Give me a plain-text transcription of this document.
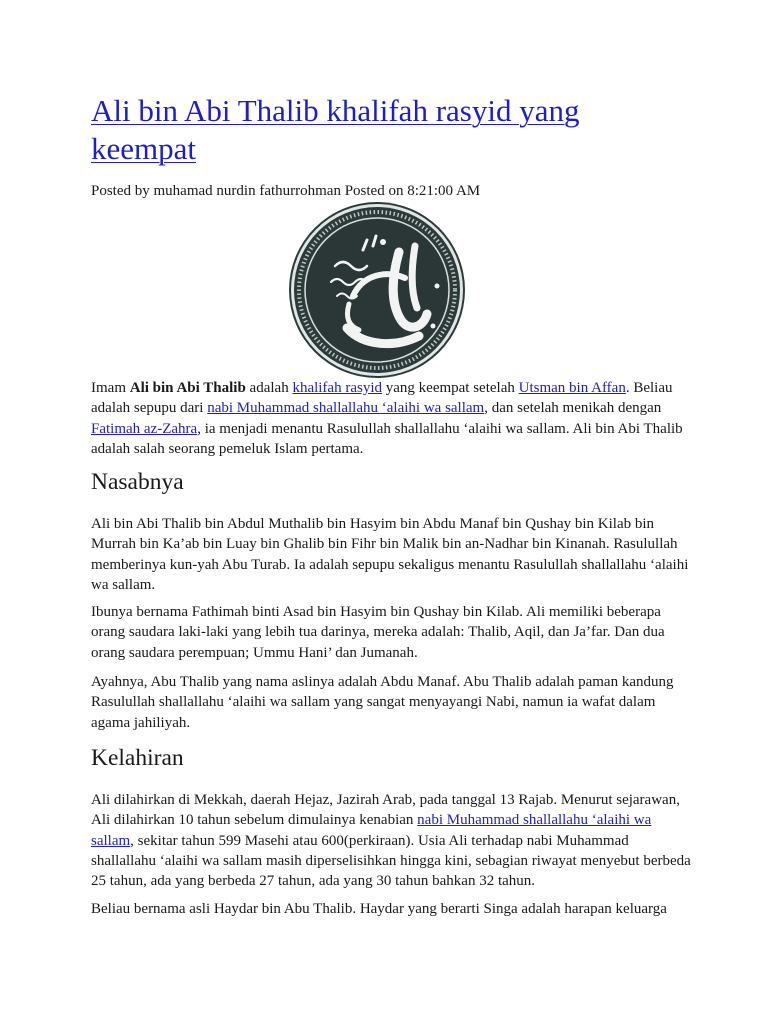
Ali bin Abi Thalib khalifah rasyid yang keempat

Posted by muhamad nurdin fathurrohman Posted on 8:21:00 AM

Imam Ali bin Abi Thalib adalah khalifah rasyid yang keempat setelah Utsman bin Affan. Beliau adalah sepupu dari nabi Muhammad shallallahu ‘alaihi wa sallam, dan setelah menikah dengan Fatimah az-Zahra, ia menjadi menantu Rasulullah shallallahu ‘alaihi wa sallam. Ali bin Abi Thalib adalah salah seorang pemeluk Islam pertama.

Nasabnya

Ali bin Abi Thalib bin Abdul Muthalib bin Hasyim bin Abdu Manaf bin Qushay bin Kilab bin Murrah bin Ka’ab bin Luay bin Ghalib bin Fihr bin Malik bin an-Nadhar bin Kinanah. Rasulullah memberinya kun-yah Abu Turab. Ia adalah sepupu sekaligus menantu Rasulullah shallallahu ‘alaihi wa sallam.

Ibunya bernama Fathimah binti Asad bin Hasyim bin Qushay bin Kilab. Ali memiliki beberapa orang saudara laki-laki yang lebih tua darinya, mereka adalah: Thalib, Aqil, dan Ja’far. Dan dua orang saudara perempuan; Ummu Hani’ dan Jumanah.

Ayahnya, Abu Thalib yang nama aslinya adalah Abdu Manaf. Abu Thalib adalah paman kandung Rasulullah shallallahu ‘alaihi wa sallam yang sangat menyayangi Nabi, namun ia wafat dalam agama jahiliyah.

Kelahiran

Ali dilahirkan di Mekkah, daerah Hejaz, Jazirah Arab, pada tanggal 13 Rajab. Menurut sejarawan, Ali dilahirkan 10 tahun sebelum dimulainya kenabian nabi Muhammad shallallahu ‘alaihi wa sallam, sekitar tahun 599 Masehi atau 600(perkiraan). Usia Ali terhadap nabi Muhammad shallallahu ‘alaihi wa sallam masih diperselisihkan hingga kini, sebagian riwayat menyebut berbeda 25 tahun, ada yang berbeda 27 tahun, ada yang 30 tahun bahkan 32 tahun.

Beliau bernama asli Haydar bin Abu Thalib. Haydar yang berarti Singa adalah harapan keluarga
